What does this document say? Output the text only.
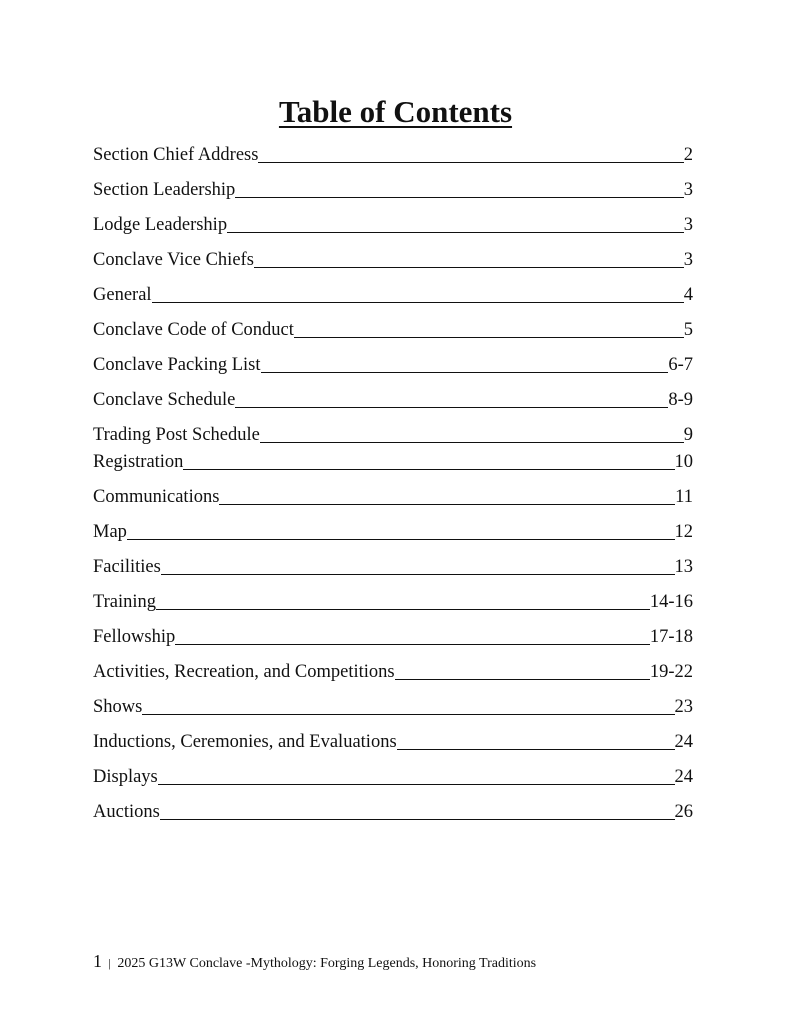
Table of Contents
Section Chief Address	2
Section Leadership	3
Lodge Leadership	3
Conclave Vice Chiefs	3
General	4
Conclave Code of Conduct	5
Conclave Packing List	6-7
Conclave Schedule	8-9
Trading Post Schedule	9
Registration	10
Communications	11
Map	12
Facilities	13
Training	14-16
Fellowship	17-18
Activities, Recreation, and Competitions	19-22
Shows	23
Inductions, Ceremonies, and Evaluations	24
Displays	24
Auctions	26
1 | 2025 G13W Conclave -Mythology: Forging Legends, Honoring Traditions
